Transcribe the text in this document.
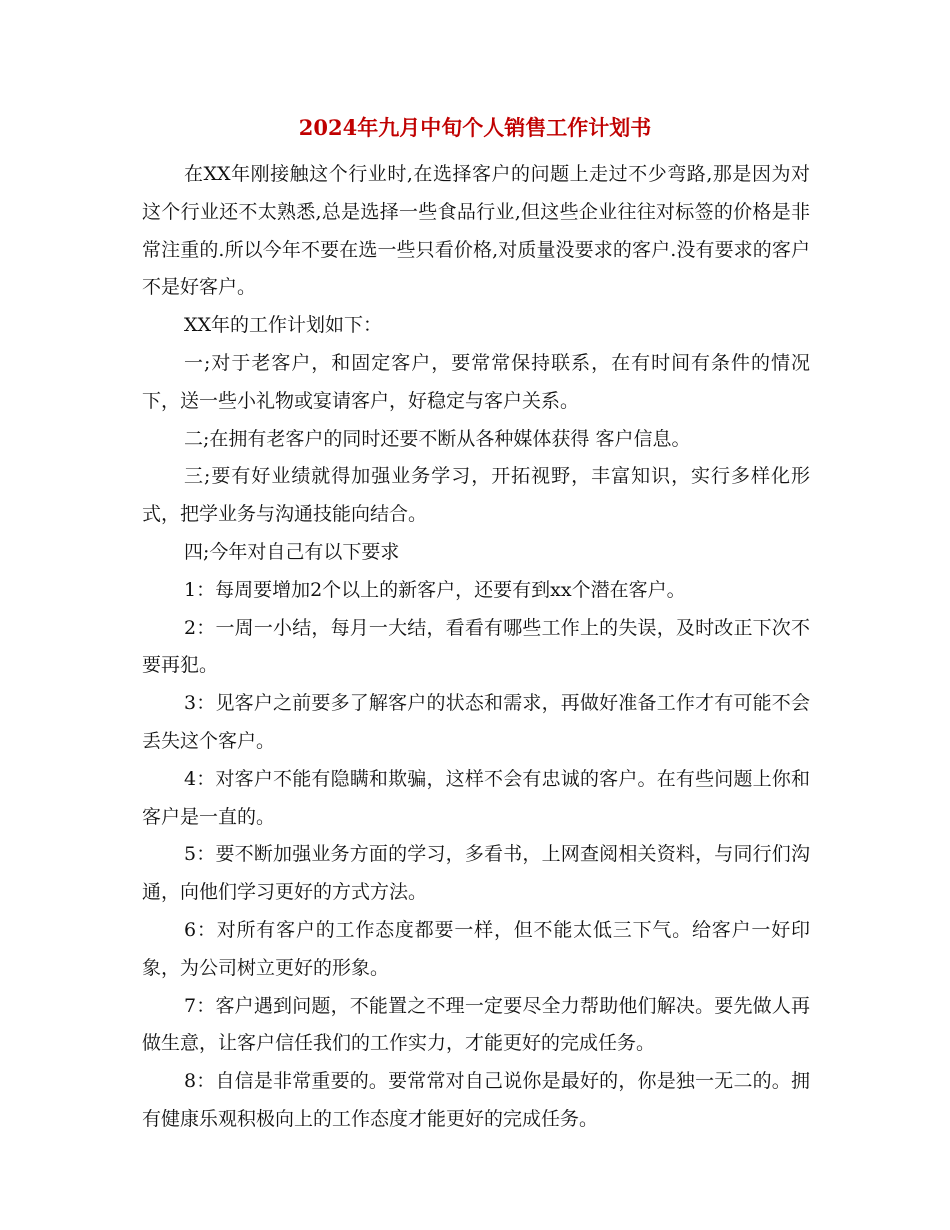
2024年九月中旬个人销售工作计划书

在XX年刚接触这个行业时,在选择客户的问题上走过不少弯路,那是因为对这个行业还不太熟悉,总是选择一些食品行业,但这些企业往往对标签的价格是非常注重的.所以今年不要在选一些只看价格,对质量没要求的客户.没有要求的客户不是好客户。

XX年的工作计划如下：

一;对于老客户，和固定客户，要常常保持联系，在有时间有条件的情况下，送一些小礼物或宴请客户，好稳定与客户关系。

二;在拥有老客户的同时还要不断从各种媒体获得 客户信息。

三;要有好业绩就得加强业务学习，开拓视野，丰富知识，实行多样化形式，把学业务与沟通技能向结合。

四;今年对自己有以下要求

1：每周要增加2个以上的新客户，还要有到xx个潜在客户。

2：一周一小结，每月一大结，看看有哪些工作上的失误，及时改正下次不要再犯。

3：见客户之前要多了解客户的状态和需求，再做好准备工作才有可能不会丢失这个客户。

4：对客户不能有隐瞒和欺骗，这样不会有忠诚的客户。在有些问题上你和客户是一直的。

5：要不断加强业务方面的学习，多看书，上网查阅相关资料，与同行们沟通，向他们学习更好的方式方法。

6：对所有客户的工作态度都要一样，但不能太低三下气。给客户一好印象，为公司树立更好的形象。

7：客户遇到问题，不能置之不理一定要尽全力帮助他们解决。要先做人再做生意，让客户信任我们的工作实力，才能更好的完成任务。

8：自信是非常重要的。要常常对自己说你是最好的，你是独一无二的。拥有健康乐观积极向上的工作态度才能更好的完成任务。
